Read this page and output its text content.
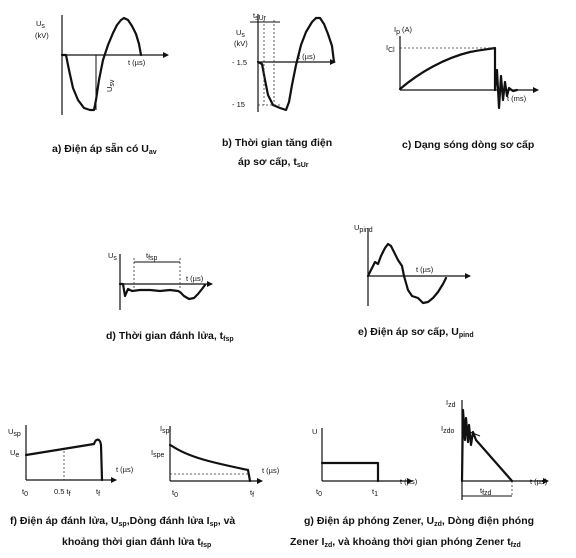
Us
(kV)
t (µs)
Usv
a) Điện áp sẵn có Uav
tsUr
Us
(kV)
- 1.5
- 15
t (µs)
b) Thời gian tăng điện
áp sơ cấp, tsUr
Ip (A)
ICl
t (ms)
c) Dạng sóng dòng sơ cấp
Us	tfsp
t (µs)
d) Thời gian đánh lửa, tfsp
Upind
t (µs)
e) Điện áp sơ cấp, Upind
Usp
Ue
t (µs)
t0	0.5 tf	tf
Isp
Ispe
t (µs)
t0	tf
f) Điện áp đánh lửa, Usp,Dòng đánh lửa Isp, và
khoảng thời gian đánh lửa tfsp
U
t (µs)
t0	t1
Izd
Izdo
tfzd
t (µs)
g) Điện áp phóng Zener, Uzd, Dòng điện phóng
Zener Izd, và khoảng thời gian phóng Zener tfzd
